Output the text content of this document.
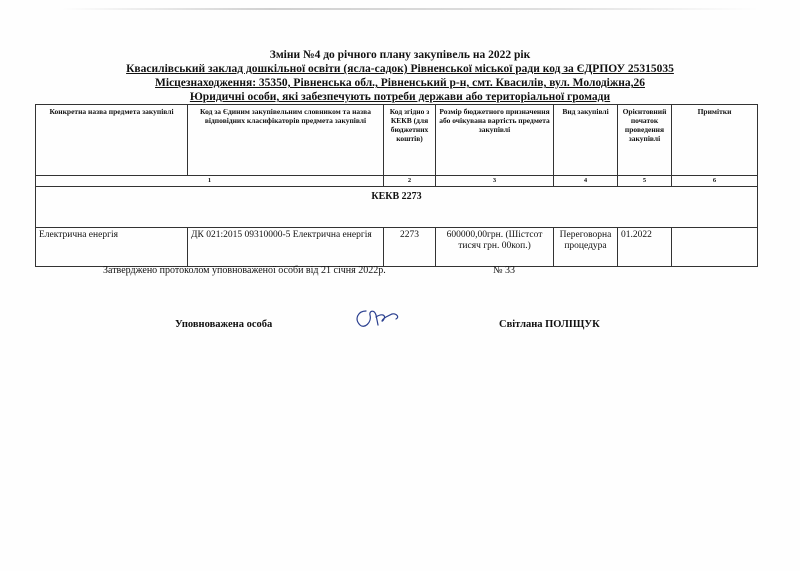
Зміни №4 до річного плану закупівель на 2022 рік
Квасилівський заклад дошкільної освіти (ясла-садок) Рівненської міської ради код за ЄДРПОУ 25315035
Місцезнаходження: 35350, Рівненська обл., Рівненський р-н, смт. Квасилів, вул. Молодіжна,26
Юридичні особи, які забезпечують потреби держави або територіальної громади
Конкретна назва предмета закупівлі	Код за Єдиним закупівельним словником та назва відповідних класифікаторів предмета закупівлі	Код згідно з КЕКВ (для бюджетних коштів)	Розмір бюджетного призначення або очікувана вартість предмета закупівлі	Вид закупівлі	Орієнтовний початок проведення закупівлі	Примітки
1		2	3	4	5	6
КЕКВ 2273						
Електрична енергія	ДК 021:2015 09310000-5 Електрична енергія	2273	600000,00грн. (Шістсот тисяч грн. 00коп.)	Переговорна процедура	01.2022	
Затверджено протоколом уповноваженої особи від 21 січня 2022р.	№ 33
Уповноважена особа	Світлана ПОЛІЩУК
